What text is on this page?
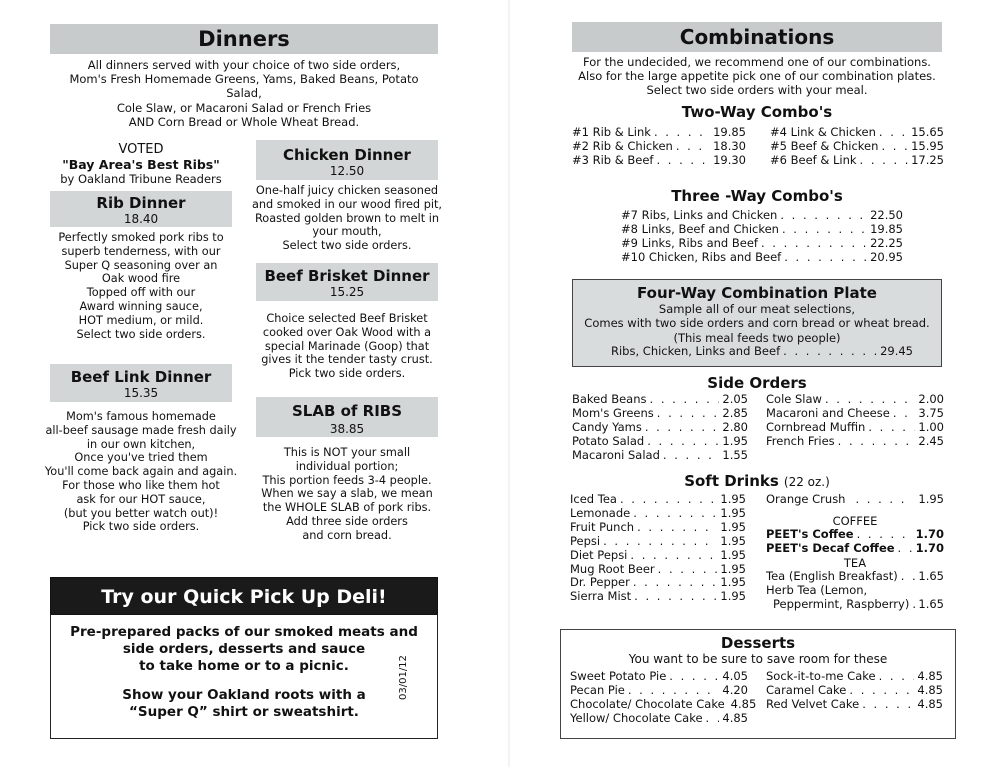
Dinners
All dinners served with your choice of two side orders,
Mom's Fresh Homemade Greens, Yams, Baked Beans, Potato Salad,
Cole Slaw, or Macaroni Salad or French Fries
AND Corn Bread or Whole Wheat Bread.
VOTED
"Bay Area's Best Ribs"
by Oakland Tribune Readers
Rib Dinner
18.40
Perfectly smoked pork ribs to
superb tenderness, with our
Super Q seasoning over an
Oak wood fire
Topped off with our
Award winning sauce,
HOT medium, or mild.
Select two side orders.
Beef Link Dinner
15.35
Mom's famous homemade
all-beef sausage made fresh daily
in our own kitchen,
Once you've tried them
You'll come back again and again.
For those who like them hot
ask for our HOT sauce,
(but you better watch out)!
Pick two side orders.
Chicken Dinner
12.50
One-half juicy chicken seasoned
and smoked in our wood fired pit,
Roasted golden brown to melt in
your mouth,
Select two side orders.
Beef Brisket Dinner
15.25
Choice selected Beef Brisket
cooked over Oak Wood with a
special Marinade (Goop) that
gives it the tender tasty crust.
Pick two side orders.
SLAB of RIBS
38.85
This is NOT your small
individual portion;
This portion feeds 3-4 people.
When we say a slab, we mean
the WHOLE SLAB of pork ribs.
Add three side orders
and corn bread.
Try our Quick Pick Up Deli!
Pre-prepared packs of our smoked meats and
side orders, desserts and sauce
to take home or to a picnic.
Show your Oakland roots with a
“Super Q” shirt or sweatshirt.
03/01/12
Combinations
For the undecided, we recommend one of our combinations.
Also for the large appetite pick one of our combination plates.
Select two side orders with your meal.
Two-Way Combo's
#1 Rib & Link . . .	19.85
#2 Rib & Chicken . . .	18.30
#3 Rib & Beef . . .	19.30
#4 Link & Chicken . . .	15.65
#5 Beef & Chicken . . .	15.95
#6 Beef & Link . . .	17.25
Three -Way Combo's
#7 Ribs, Links and Chicken . . .	22.50
#8 Links, Beef and Chicken . . .	19.85
#9 Links, Ribs and Beef . . .	22.25
#10 Chicken, Ribs and Beef . . .	20.95
Four-Way Combination Plate
Sample all of our meat selections,
Comes with two side orders and corn bread or wheat bread.
(This meal feeds two people)
Ribs, Chicken, Links and Beef . . .	29.45
Side Orders
Baked Beans . . .	2.05
Mom's Greens . . .	2.85
Candy Yams . . .	2.80
Potato Salad . . .	1.95
Macaroni Salad . . .	1.55
Cole Slaw . . .	2.00
Macaroni and Cheese . . . 3.75
Cornbread Muffin . . .	1.00
French Fries . . .	2.45
Soft Drinks (22 oz.)
Iced Tea . . .	1.95
Lemonade . . .	1.95
Fruit Punch . . .	1.95
Pepsi . . .	1.95
Diet Pepsi . . .	1.95
Mug Root Beer . . .	1.95
Dr. Pepper . . .	1.95
Sierra Mist . . .	1.95
Orange Crush . . .	1.95
COFFEE
PEET's Coffee . . .	1.70
PEET's Decaf Coffee . . . 1.70
TEA
Tea (English Breakfast) . . . 1.65
Herb Tea (Lemon,
Peppermint, Raspberry) . . . 1.65
Desserts
You want to be sure to save room for these
Sweet Potato Pie . . .	4.05
Pecan Pie . . .	4.20
Chocolate/ Chocolate Cake 4.85
Yellow/ Chocolate Cake . . . 4.85
Sock-it-to-me Cake . . .	4.85
Caramel Cake . . .	4.85
Red Velvet Cake . . .	4.85
